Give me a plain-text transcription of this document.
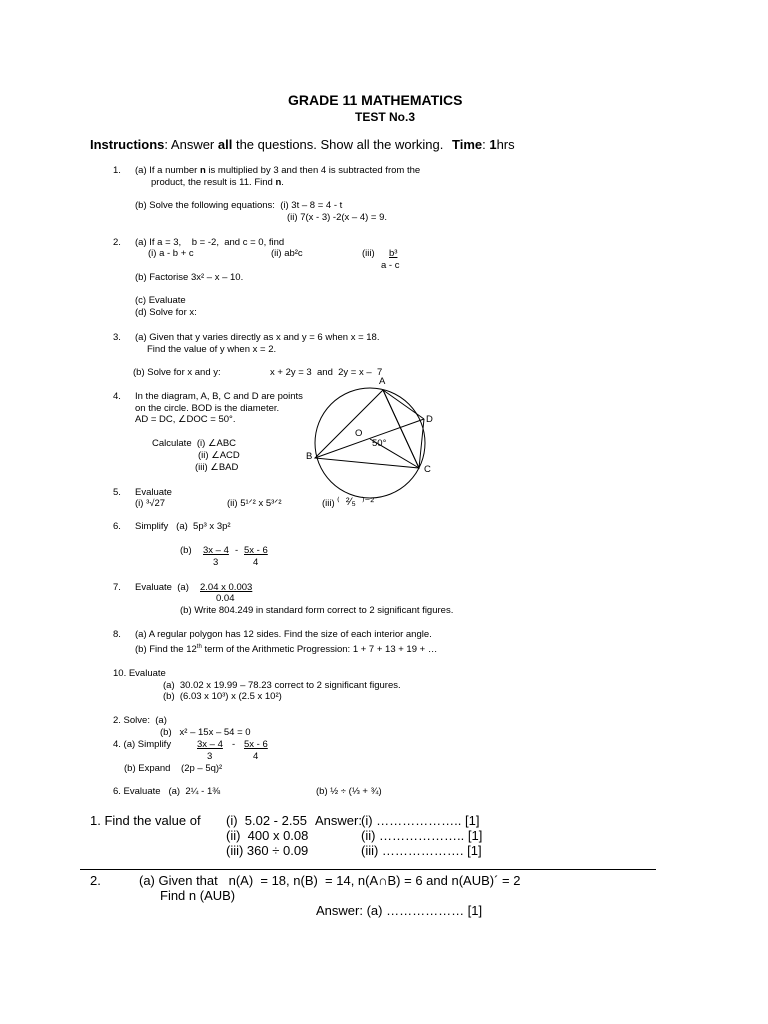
GRADE 11 MATHEMATICS
TEST No.3
Instructions: Answer all the questions. Show all the working. Time: 1hrs
1. (a) If a number n is multiplied by 3 and then 4 is subtracted from the
product, the result is 11. Find n.
(b) Solve the following equations:  (i) 3t – 8 = 4 - t
(ii) 7(x - 3) -2(x – 4) = 9.
2. (a) If a = 3,    b = -2,  and c = 0, find
(i) a - b + c	(ii) ab²c	(iii) b³
a - c
(b) Factorise 3x² – x – 10.
(c) Evaluate
(d) Solve for x:
3. (a) Given that y varies directly as x and y = 6 when x = 18.
Find the value of y when x = 2.
(b) Solve for x and y:	x + 2y = 3  and  2y = x –  7
4. In the diagram, A, B, C and D are points
on the circle. BOD is the diameter.
AD = DC, ∠DOC = 50°.
Calculate  (i) ∠ABC
(ii) ∠ACD
(iii) ∠BAD
A
B
C
D
O
50°
5. Evaluate
(i) ³√27	(ii) 5¹ᐟ² x 5³ᐟ²	(iii) ⁽  ²⁄₅  ⁾⁻²
6. Simplify   (a)  5p³ x 3p²
(b) 3x – 4
3
- 5x - 6
4
7. Evaluate  (a) 2.04 x 0.003
0.04
(b) Write 804.249 in standard form correct to 2 significant figures.
8. (a) A regular polygon has 12 sides. Find the size of each interior angle.
(b) Find the 12th term of the Arithmetic Progression: 1 + 7 + 13 + 19 + …
10. Evaluate
(a)  30.02 x 19.99 – 78.23 correct to 2 significant figures.
(b)  (6.03 x 10³) x (2.5 x 10²)
2. Solve:  (a)
(b)   x² – 15x – 54 = 0
4. (a) Simplify	3x – 4
3
- 5x - 6
4
(b) Expand    (2p – 5q)²
6. Evaluate   (a)  2¼ - 1⅜	(b) ½ ÷ (⅓ + ¾)
1. Find the value of (i)  5.02 - 2.55 Answer: (i) ……………….. [1]
(ii)  400 x 0.08	(ii) ……………….. [1]
(iii) 360 ÷ 0.09	(iii) ………………. [1]
2.	(a) Given that   n(A)  = 18, n(B)  = 14, n(A∩B) = 6 and n(AUB)´ = 2
Find n (AUB)
Answer: (a) ……………… [1]
